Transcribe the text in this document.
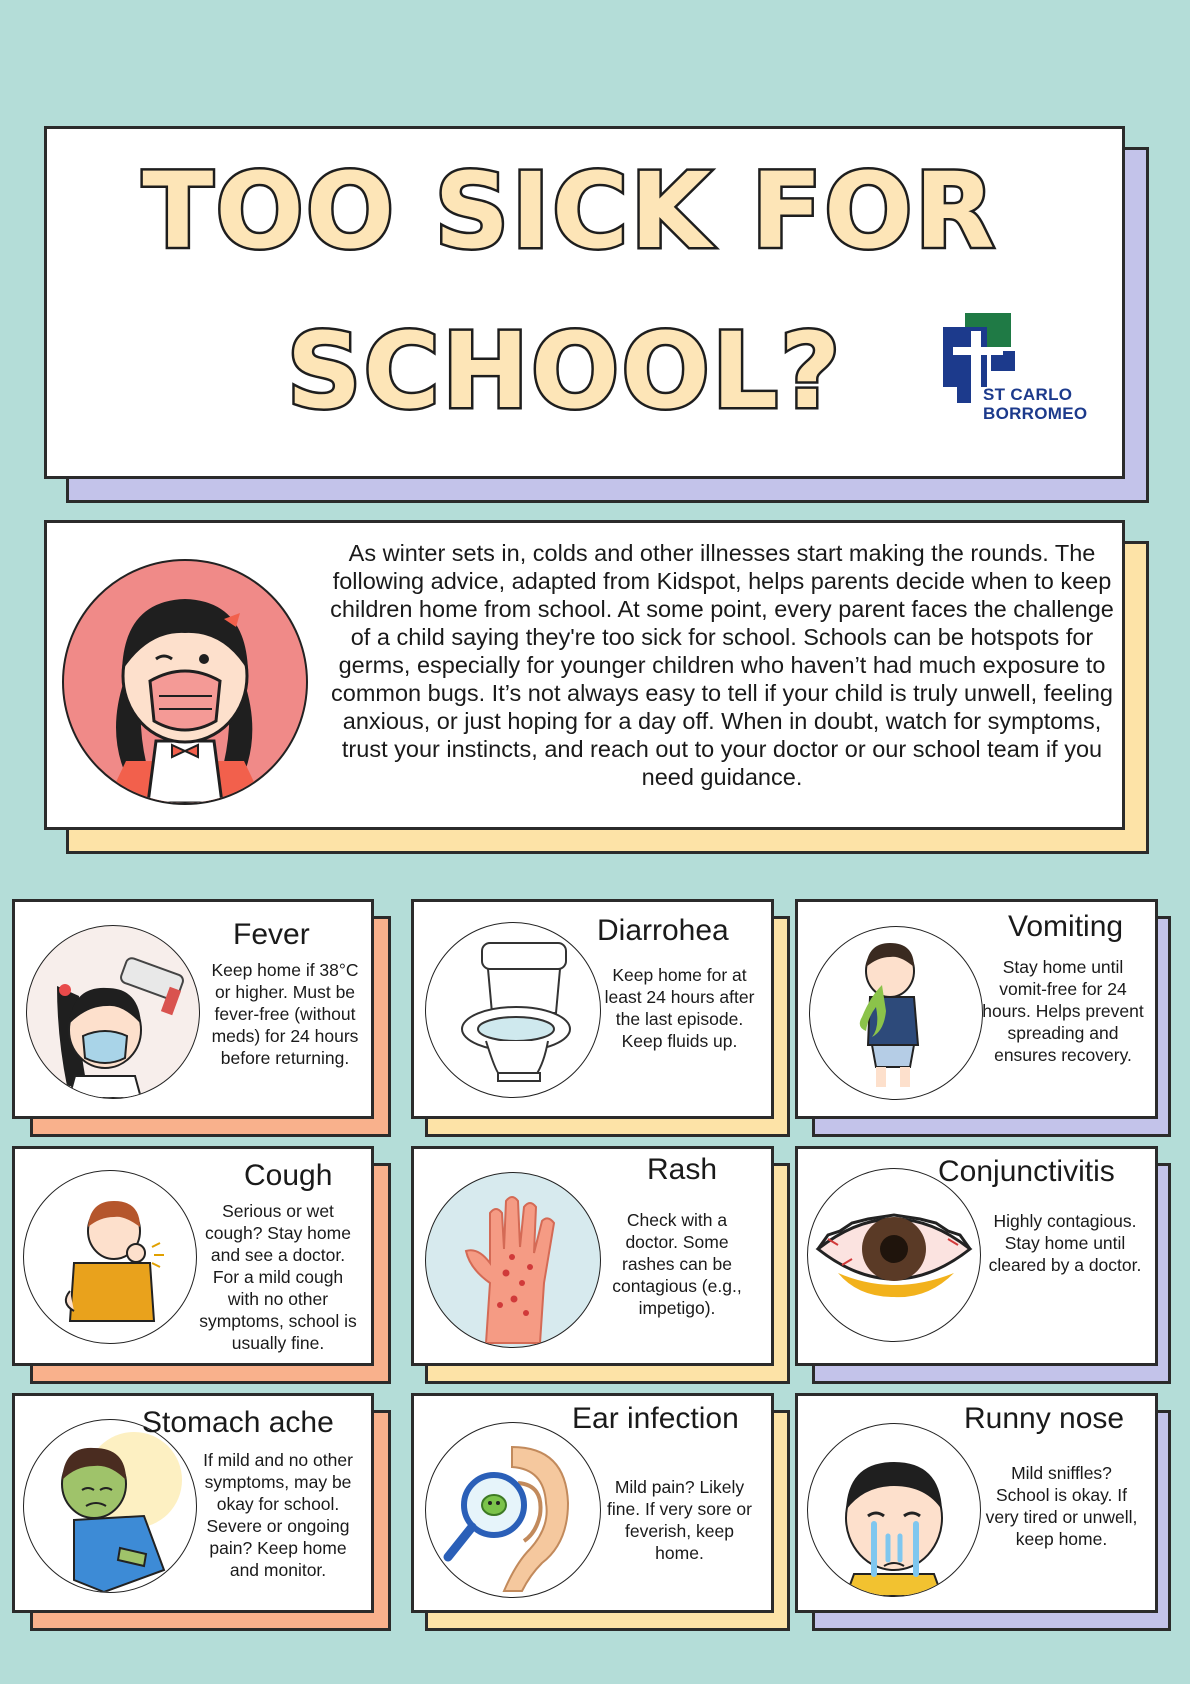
TOO SICK FOR
SCHOOL?	ST CARLO
BORROMEO
As winter sets in, colds and other illnesses start making the rounds. The following advice, adapted from Kidspot, helps parents decide when to keep children home from school. At some point, every parent faces the challenge of a child saying they're too sick for school. Schools can be hotspots for germs, especially for younger children who haven’t had much exposure to common bugs. It’s not always easy to tell if your child is truly unwell, feeling anxious, or just hoping for a day off. When in doubt, watch for symptoms, trust your instincts, and reach out to your doctor or our school team if you need guidance.
Fever
Keep home if 38°C or higher. Must be fever-free (without meds) for 24 hours before returning.
Diarrohea
Keep home for at least 24 hours after the last episode. Keep fluids up.
Vomiting
Stay home until vomit-free for 24 hours. Helps prevent spreading and ensures recovery.
Cough
Serious or wet cough? Stay home and see a doctor. For a mild cough with no other symptoms, school is usually fine.
Rash
Check with a doctor. Some rashes can be contagious (e.g., impetigo).
Conjunctivitis
Highly contagious. Stay home until cleared by a doctor.
Stomach ache
If mild and no other symptoms, may be okay for school. Severe or ongoing pain? Keep home and monitor.
Ear infection
Mild pain? Likely fine. If very sore or feverish, keep home.
Runny nose
Mild sniffles? School is okay. If very tired or unwell, keep home.
